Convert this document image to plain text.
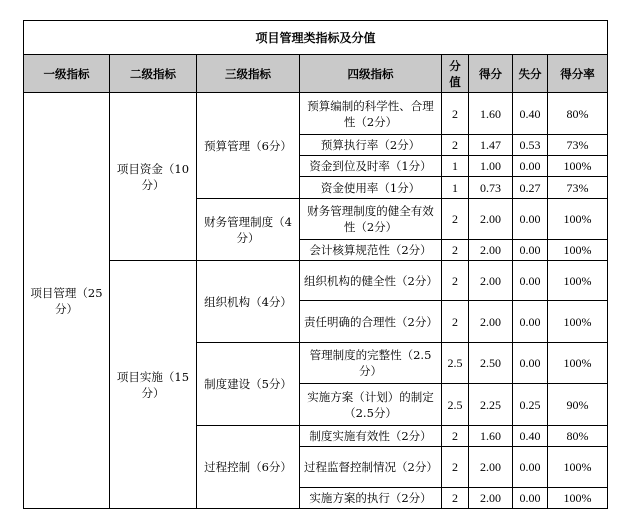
项目管理类指标及分值							
一级指标	二级指标	三级指标	四级指标	分值	得分	失分	得分率
项目管理（25分）	项目资金（10分）	预算管理（6分）	预算编制的科学性、合理性（2分）	2	1.60	0.40	80%
			预算执行率（2分）	2	1.47	0.53	73%
			资金到位及时率（1分）	1	1.00	0.00	100%
			资金使用率（1分）	1	0.73	0.27	73%
		财务管理制度（4分）	财务管理制度的健全有效性（2分）	2	2.00	0.00	100%
			会计核算规范性（2分）	2	2.00	0.00	100%
	项目实施（15分）	组织机构（4分）	组织机构的健全性（2分）	2	2.00	0.00	100%
			责任明确的合理性（2分）	2	2.00	0.00	100%
		制度建设（5分）	管理制度的完整性（2.5分）	2.5	2.50	0.00	100%
			实施方案（计划）的制定（2.5分）	2.5	2.25	0.25	90%
		过程控制（6分）	制度实施有效性（2分）	2	1.60	0.40	80%
			过程监督控制情况（2分）	2	2.00	0.00	100%
			实施方案的执行（2分）	2	2.00	0.00	100%
